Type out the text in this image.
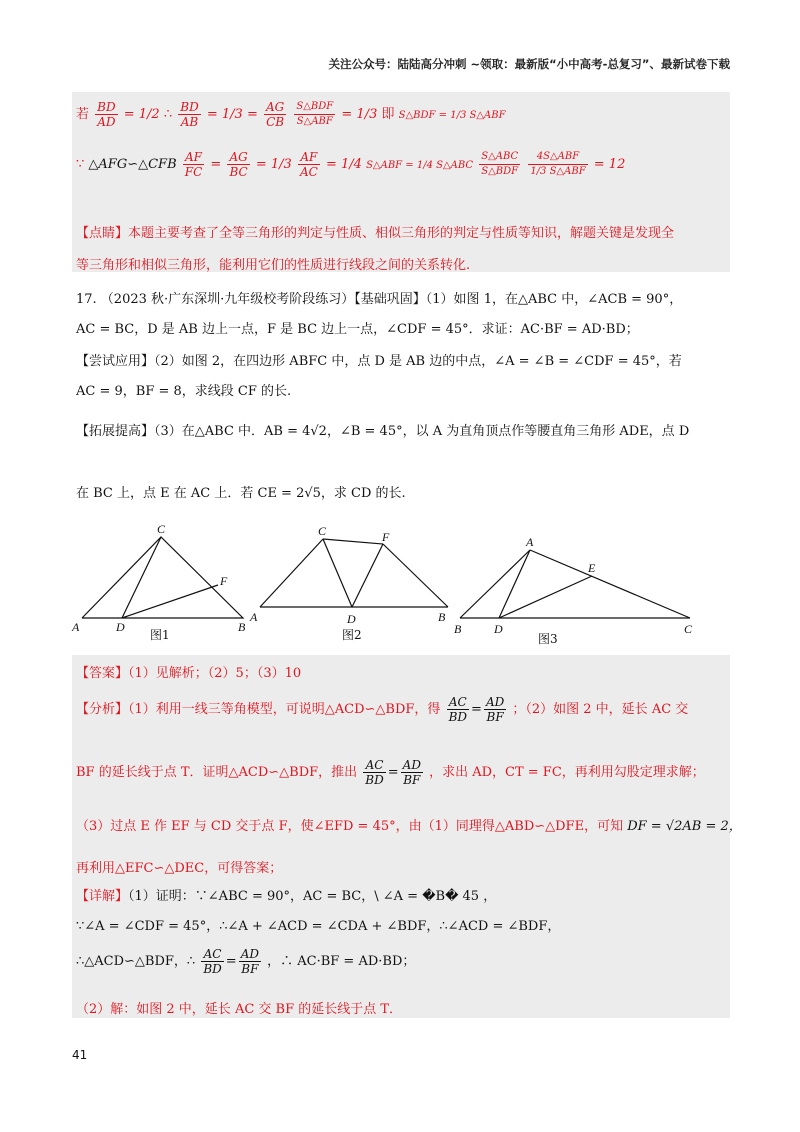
关注公众号：陆陆高分冲刺 ~领取：最新版“小中高考-总复习”、最新试卷下载
若 $\frac{BD}{AD} = 1/2$ ∴ $\frac{BD}{AB} = 1/3 = \frac{AG}{CB}$
$\frac{\text{S△BDF}}{\text{S△ABF}} = 1/3$ 即 S△BDF = 1/3 S△ABF
∵ △AFG∽△CFB $\frac{AF}{FC} = \frac{AG}{BC} = 1/3 \frac{AF}{AC} = 1/4$ S△ABF = 1/4 S△ABC $\frac{\text{S△ABC}}{\text{S△BDF}}$
$\frac{\text{4S△ABF}}{\text{1/3 S△ABF}} = 12$
【点睛】本题主要考查了全等三角形的判定与性质、相似三角形的判定与性质等知识，解题关键是发现全
等三角形和相似三角形，能利用它们的性质进行线段之间的关系转化.
17. （2023 秋·广东深圳·九年级校考阶段练习）【基础巩固】（1）如图 1，在△ABC 中，∠ACB = 90°，
AC = BC，D 是 AB 边上一点，F 是 BC 边上一点，∠CDF = 45°．求证：AC·BF = AD·BD；
【尝试应用】（2）如图 2，在四边形 ABFC 中，点 D 是 AB 边的中点，∠A = ∠B = ∠CDF = 45°，若
AC = 9，BF = 8，求线段 CF 的长.
【拓展提高】（3）在△ABC 中．AB = 4√2，∠B = 45°，以 A 为直角顶点作等腰直角三角形 ADE，点 D
在 BC 上，点 E 在 AC 上．若 CE = 2√5，求 CD 的长.
C
F
A	D	B
图1
C	F
A	D	B
图2
A
E
B	D	C
图3
【答案】（1）见解析；（2）5；（3）10
【分析】（1）利用一线三等角模型，可说明△ACD∽△BDF，得 $\frac{AC}{BD} = \frac{AD}{BF}$ ；（2）如图 2 中，延长 AC 交
BF 的延长线于点 T．证明△ACD∽△BDF，推出 $\frac{AC}{BD} = \frac{AD}{BF}$ ，求出 AD，CT = FC，再利用勾股定理求解；
（3）过点 E 作 EF 与 CD 交于点 F，使∠EFD = 45°，由（1）同理得△ABD∽△DFE，可知 DF = √2AB = 2，
再利用△EFC∽△DEC，可得答案；
【详解】（1）证明：∵∠ABC = 90°，AC = BC，\ ∠A = �B� 45 ，
∵∠A = ∠CDF = 45°，∴∠A + ∠ACD = ∠CDA + ∠BDF，∴∠ACD = ∠BDF，
∴△ACD∽△BDF，∴ $\frac{AC}{BD} = \frac{AD}{BF}$ ，∴ AC·BF = AD·BD；
（2）解：如图 2 中，延长 AC 交 BF 的延长线于点 T．
41
